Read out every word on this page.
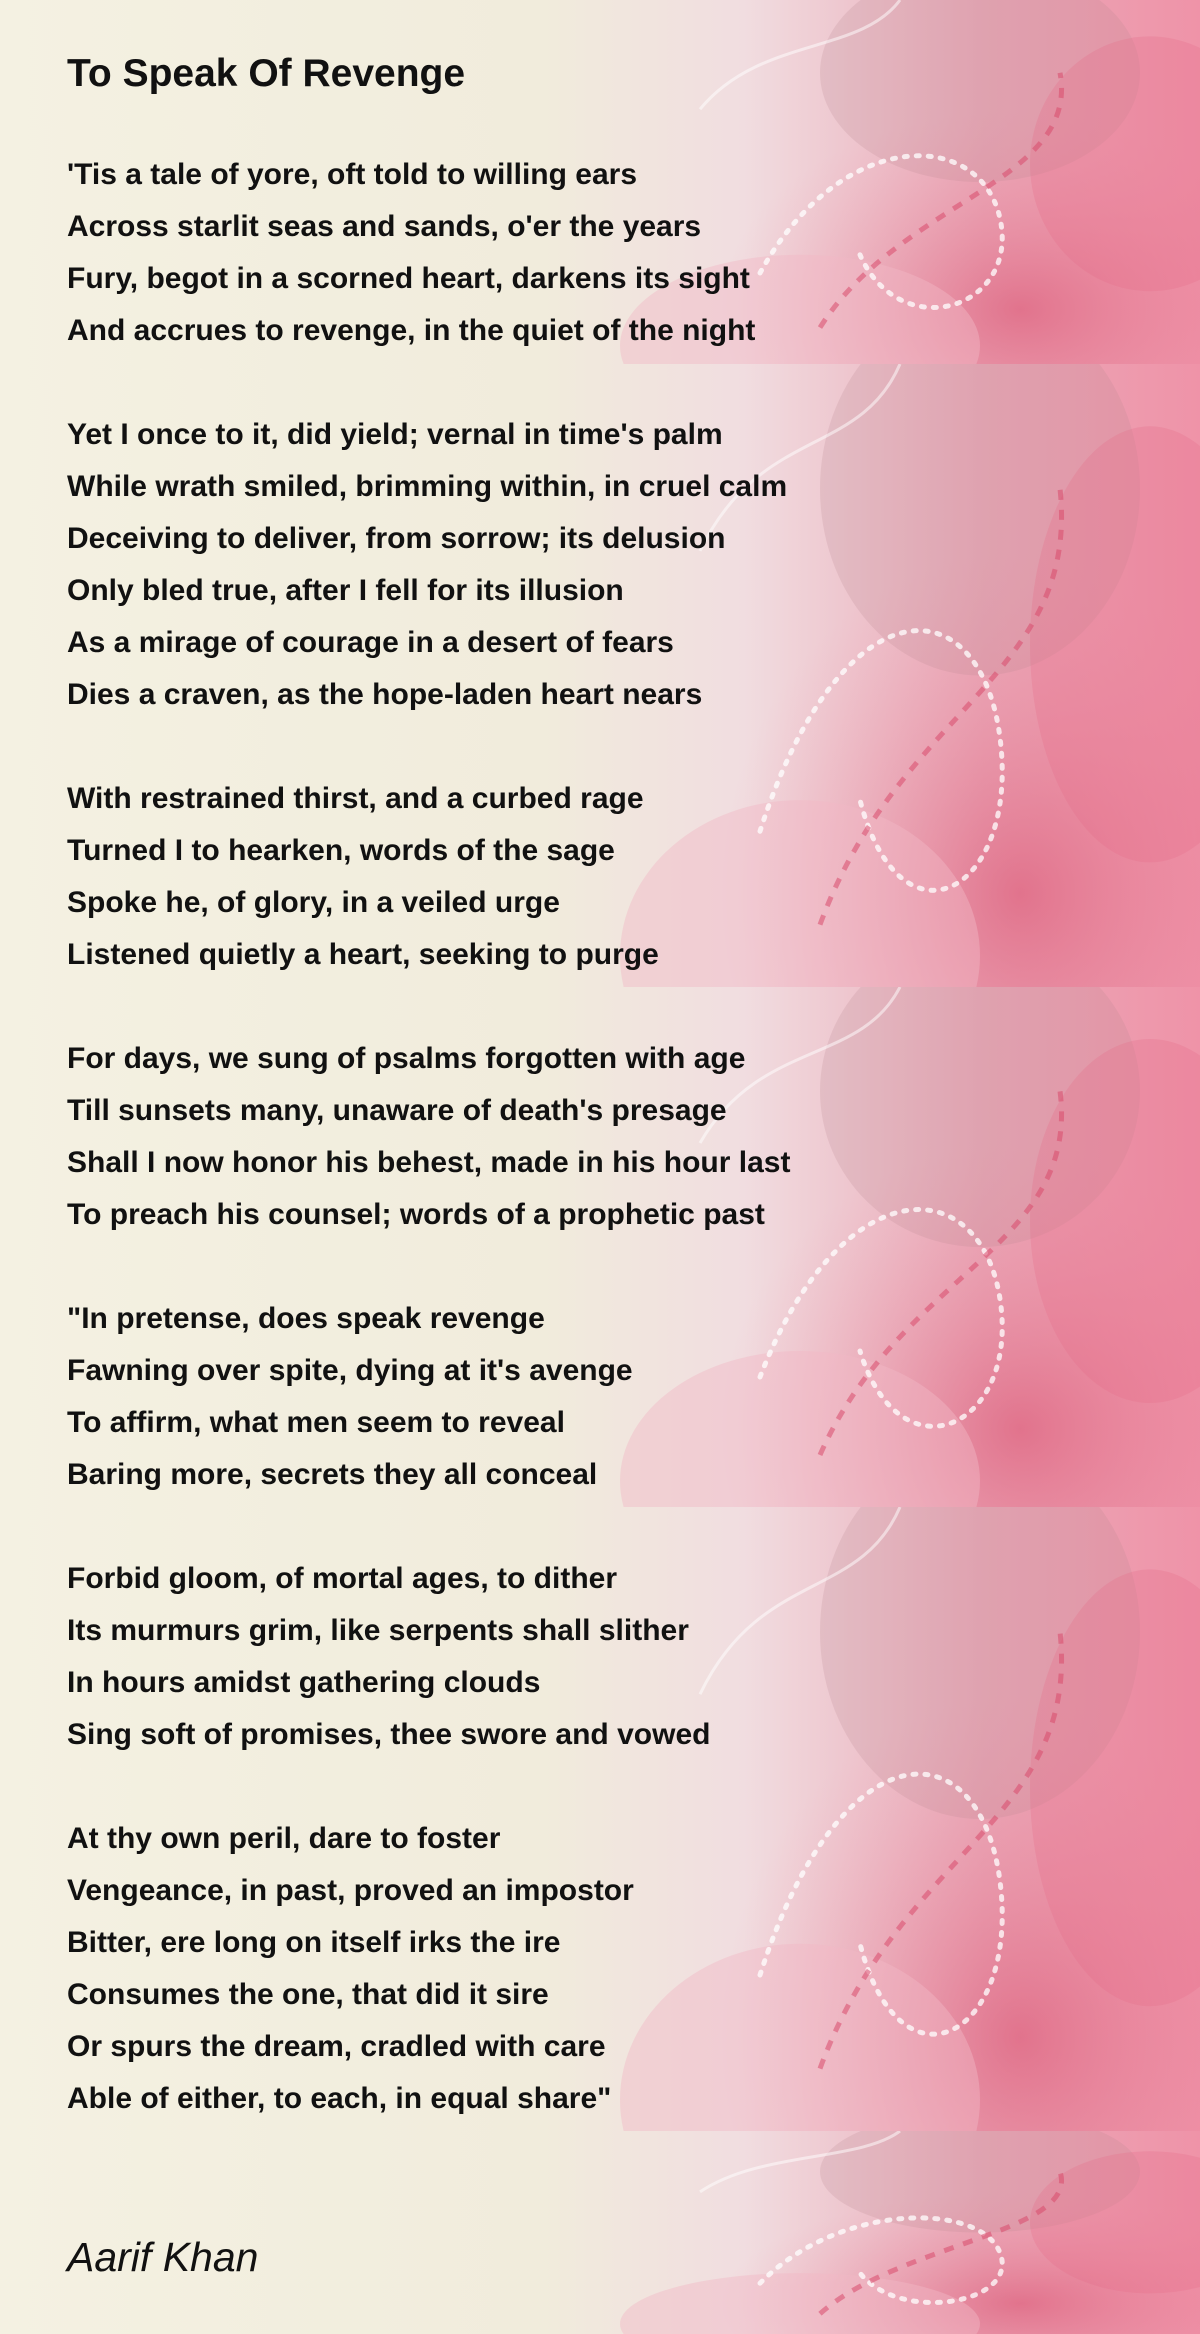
To Speak Of Revenge
'Tis a tale of yore, oft told to willing ears
Across starlit seas and sands, o'er the years
Fury, begot in a scorned heart, darkens its sight
And accrues to revenge, in the quiet of the night
Yet I once to it, did yield; vernal in time's palm
While wrath smiled, brimming within, in cruel calm
Deceiving to deliver, from sorrow; its delusion
Only bled true, after I fell for its illusion
As a mirage of courage in a desert of fears
Dies a craven, as the hope-laden heart nears
With restrained thirst, and a curbed rage
Turned I to hearken, words of the sage
Spoke he, of glory, in a veiled urge
Listened quietly a heart, seeking to purge
For days, we sung of psalms forgotten with age
Till sunsets many, unaware of death's presage
Shall I now honor his behest, made in his hour last
To preach his counsel; words of a prophetic past
"In pretense, does speak revenge
Fawning over spite, dying at it's avenge
To affirm, what men seem to reveal
Baring more, secrets they all conceal
Forbid gloom, of mortal ages, to dither
Its murmurs grim, like serpents shall slither
In hours amidst gathering clouds
Sing soft of promises, thee swore and vowed
At thy own peril, dare to foster
Vengeance, in past, proved an impostor
Bitter, ere long on itself irks the ire
Consumes the one, that did it sire
Or spurs the dream, cradled with care
Able of either, to each, in equal share"
Aarif Khan
